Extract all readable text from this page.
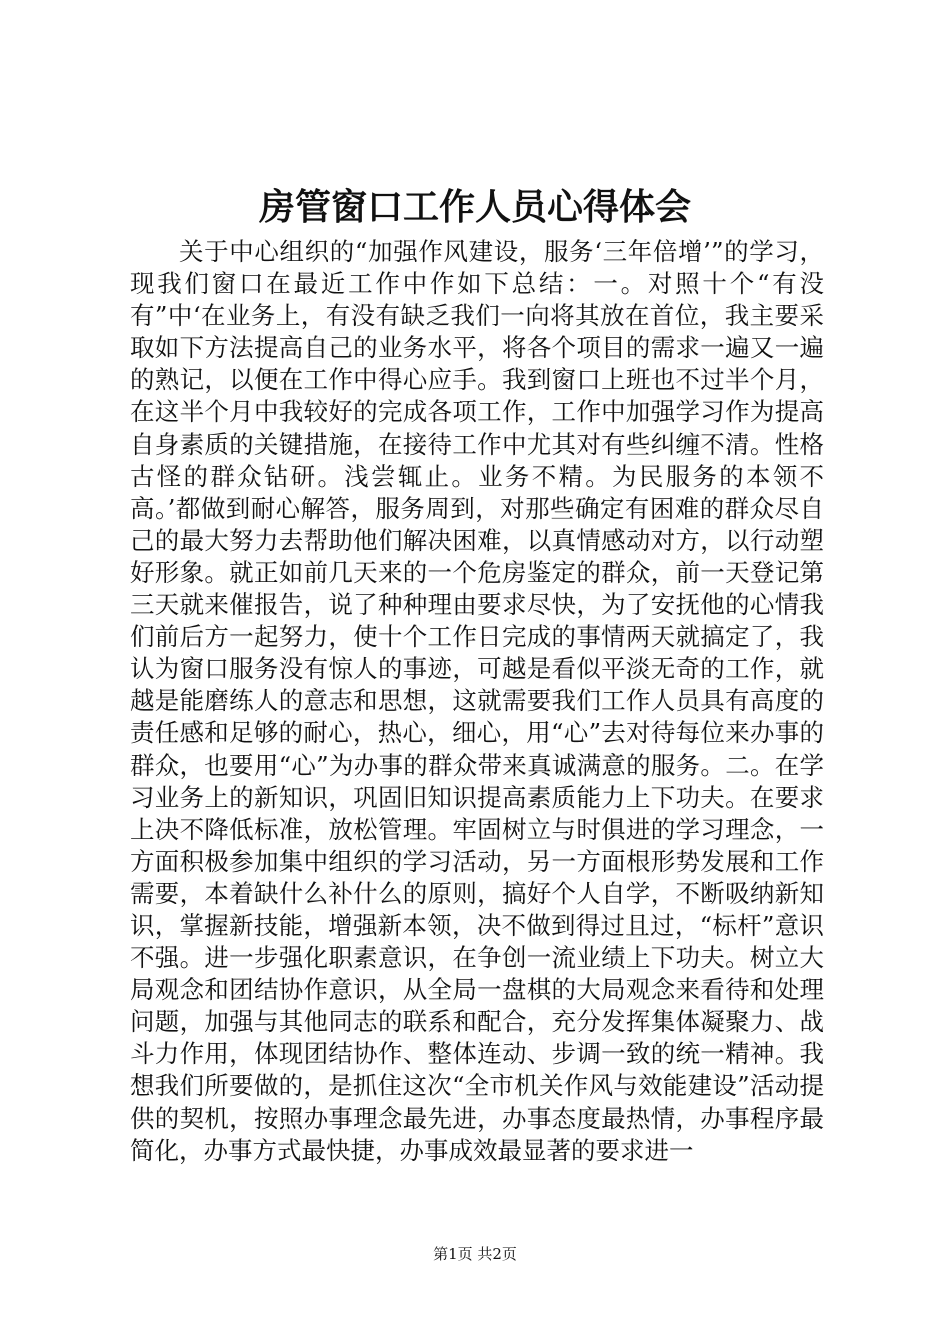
房管窗口工作人员心得体会

关于中心组织的“加强作风建设，服务‘三年倍增’”的学习，现我们窗口在最近工作中作如下总结：一。对照十个“有没有”中‘在业务上，有没有缺乏我们一向将其放在首位，我主要采取如下方法提高自己的业务水平，将各个项目的需求一遍又一遍的熟记，以便在工作中得心应手。我到窗口上班也不过半个月，在这半个月中我较好的完成各项工作，工作中加强学习作为提高自身素质的关键措施，在接待工作中尤其对有些纠缠不清。性格古怪的群众钻研。浅尝辄止。业务不精。为民服务的本领不高。’都做到耐心解答，服务周到，对那些确定有困难的群众尽自己的最大努力去帮助他们解决困难，以真情感动对方，以行动塑好形象。就正如前几天来的一个危房鉴定的群众，前一天登记第三天就来催报告，说了种种理由要求尽快，为了安抚他的心情我们前后方一起努力，使十个工作日完成的事情两天就搞定了，我认为窗口服务没有惊人的事迹，可越是看似平淡无奇的工作，就越是能磨练人的意志和思想，这就需要我们工作人员具有高度的责任感和足够的耐心，热心，细心，用“心”去对待每位来办事的群众，也要用“心”为办事的群众带来真诚满意的服务。二。在学习业务上的新知识，巩固旧知识提高素质能力上下功夫。在要求上决不降低标准，放松管理。牢固树立与时俱进的学习理念，一方面积极参加集中组织的学习活动，另一方面根形势发展和工作需要，本着缺什么补什么的原则，搞好个人自学，不断吸纳新知识，掌握新技能，增强新本领，决不做到得过且过，“标杆”意识不强。进一步强化职素意识，在争创一流业绩上下功夫。树立大局观念和团结协作意识，从全局一盘棋的大局观念来看待和处理问题，加强与其他同志的联系和配合，充分发挥集体凝聚力、战斗力作用，体现团结协作、整体连动、步调一致的统一精神。我想我们所要做的，是抓住这次“全市机关作风与效能建设”活动提供的契机，按照办事理念最先进，办事态度最热情，办事程序最简化，办事方式最快捷，办事成效最显著的要求进一

第1页 共2页
